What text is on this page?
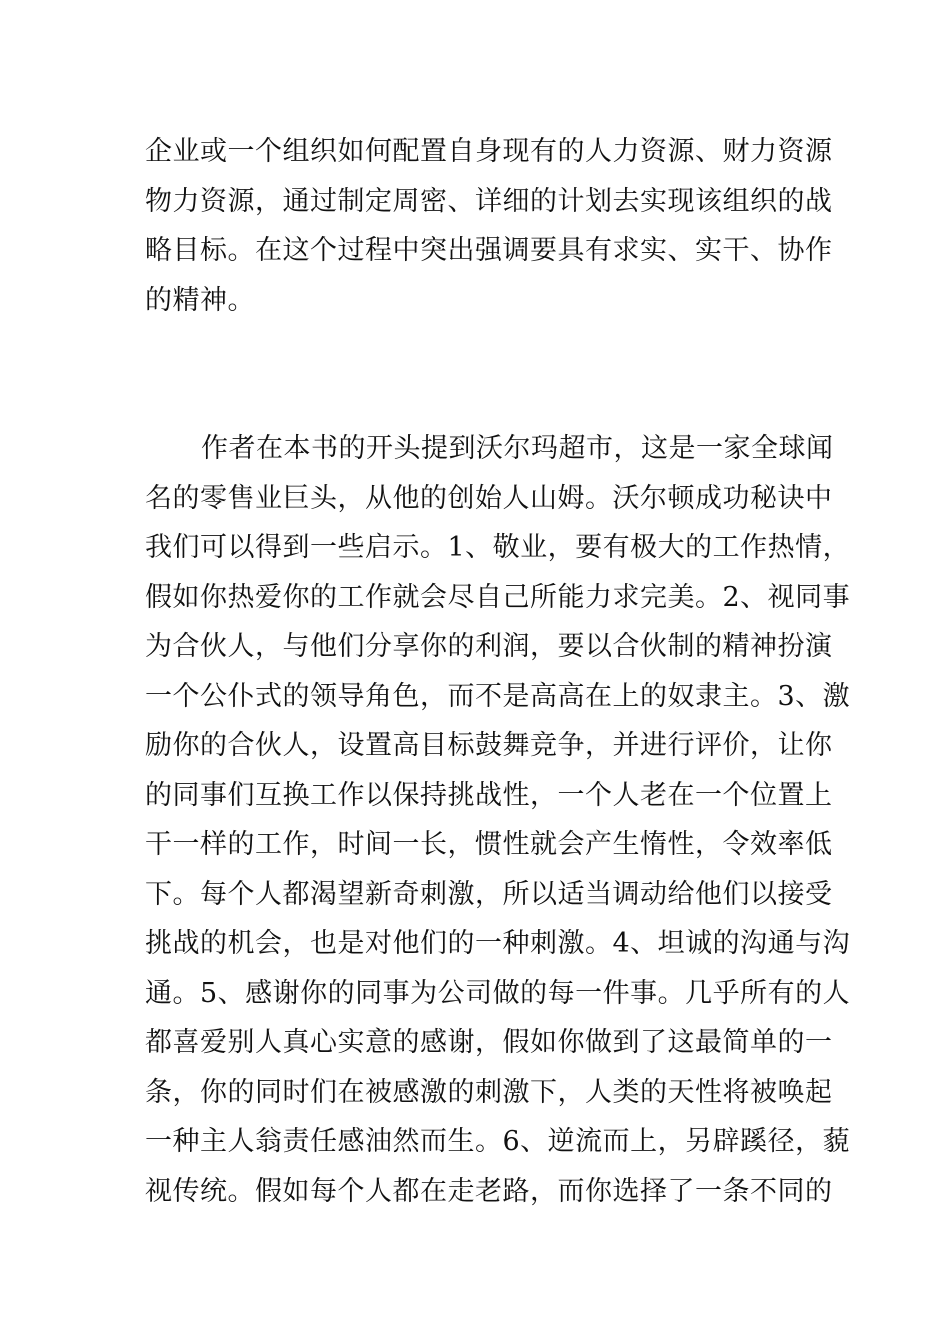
企业或一个组织如何配置自身现有的人力资源、财力资源
物力资源，通过制定周密、详细的计划去实现该组织的战
略目标。在这个过程中突出强调要具有求实、实干、协作
的精神。
作者在本书的开头提到沃尔玛超市，这是一家全球闻
名的零售业巨头，从他的创始人山姆。沃尔顿成功秘诀中
我们可以得到一些启示。1、敬业，要有极大的工作热情，
假如你热爱你的工作就会尽自己所能力求完美。2、视同事
为合伙人，与他们分享你的利润，要以合伙制的精神扮演
一个公仆式的领导角色，而不是高高在上的奴隶主。3、激
励你的合伙人，设置高目标鼓舞竞争，并进行评价，让你
的同事们互换工作以保持挑战性，一个人老在一个位置上
干一样的工作，时间一长，惯性就会产生惰性，令效率低
下。每个人都渴望新奇刺激，所以适当调动给他们以接受
挑战的机会，也是对他们的一种刺激。4、坦诚的沟通与沟
通。5、感谢你的同事为公司做的每一件事。几乎所有的人
都喜爱别人真心实意的感谢，假如你做到了这最简单的一
条，你的同时们在被感激的刺激下，人类的天性将被唤起
一种主人翁责任感油然而生。6、逆流而上，另辟蹊径，藐
视传统。假如每个人都在走老路，而你选择了一条不同的
